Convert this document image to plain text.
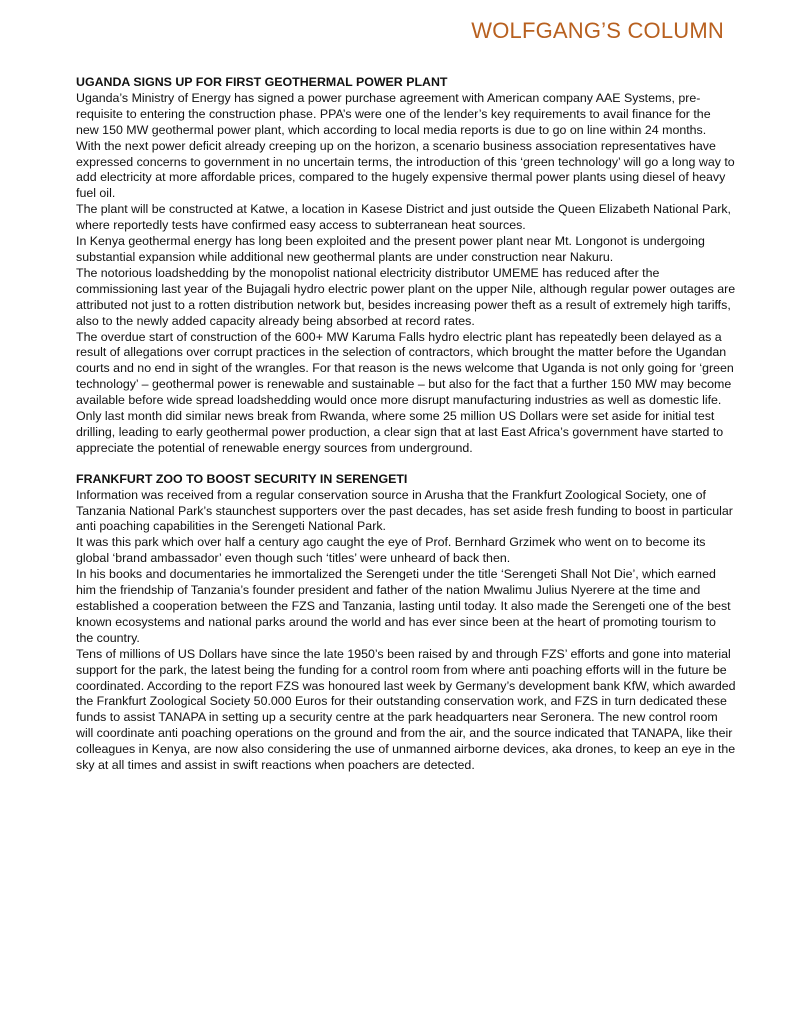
WOLFGANG’S COLUMN
UGANDA SIGNS UP FOR FIRST GEOTHERMAL POWER PLANT

Uganda’s Ministry of Energy has signed a power purchase agreement with American company AAE Systems, pre-requisite to entering the construction phase. PPA’s were one of the lender’s key requirements to avail finance for the new 150 MW geothermal power plant, which according to local media reports is due to go on line within 24 months.

With the next power deficit already creeping up on the horizon, a scenario business association representatives have expressed concerns to government in no uncertain terms, the introduction of this ‘green technology’ will go a long way to add electricity at more affordable prices, compared to the hugely expensive thermal power plants using diesel of heavy fuel oil.

The plant will be constructed at Katwe, a location in Kasese District and just outside the Queen Elizabeth National Park, where reportedly tests have confirmed easy access to subterranean heat sources.

In Kenya geothermal energy has long been exploited and the present power plant near Mt. Longonot is undergoing substantial expansion while additional new geothermal plants are under construction near Nakuru.

The notorious loadshedding by the monopolist national electricity distributor UMEME has reduced after the commissioning last year of the Bujagali hydro electric power plant on the upper Nile, although regular power outages are attributed not just to a rotten distribution network but, besides increasing power theft as a result of extremely high tariffs, also to the newly added capacity already being absorbed at record rates.

The overdue start of construction of the 600+ MW Karuma Falls hydro electric plant has repeatedly been delayed as a result of allegations over corrupt practices in the selection of contractors, which brought the matter before the Ugandan courts and no end in sight of the wrangles. For that reason is the news welcome that Uganda is not only going for ‘green technology’ – geothermal power is renewable and sustainable – but also for the fact that a further 150 MW may become available before wide spread loadshedding would once more disrupt manufacturing industries as well as domestic life.

Only last month did similar news break from Rwanda, where some 25 million US Dollars were set aside for initial test drilling, leading to early geothermal power production, a clear sign that at last East Africa’s government have started to appreciate the potential of renewable energy sources from underground.

FRANKFURT ZOO TO BOOST SECURITY IN SERENGETI

Information was received from a regular conservation source in Arusha that the Frankfurt Zoological Society, one of Tanzania National Park’s staunchest supporters over the past decades, has set aside fresh funding to boost in particular anti poaching capabilities in the Serengeti National Park.

It was this park which over half a century ago caught the eye of Prof. Bernhard Grzimek who went on to become its global ‘brand ambassador’ even though such ‘titles’ were unheard of back then.

In his books and documentaries he immortalized the Serengeti under the title ‘Serengeti Shall Not Die’, which earned him the friendship of Tanzania’s founder president and father of the nation Mwalimu Julius Nyerere at the time and established a cooperation between the FZS and Tanzania, lasting until today. It also made the Serengeti one of the best known ecosystems and national parks around the world and has ever since been at the heart of promoting tourism to the country.

Tens of millions of US Dollars have since the late 1950’s been raised by and through FZS’ efforts and gone into material support for the park, the latest being the funding for a control room from where anti poaching efforts will in the future be coordinated. According to the report FZS was honoured last week by Germany’s development bank KfW, which awarded the Frankfurt Zoological Society 50.000 Euros for their outstanding conservation work, and FZS in turn dedicated these funds to assist TANAPA in setting up a security centre at the park headquarters near Seronera. The new control room will coordinate anti poaching operations on the ground and from the air, and the source indicated that TANAPA, like their colleagues in Kenya, are now also considering the use of unmanned airborne devices, aka drones, to keep an eye in the sky at all times and assist in swift reactions when poachers are detected.
